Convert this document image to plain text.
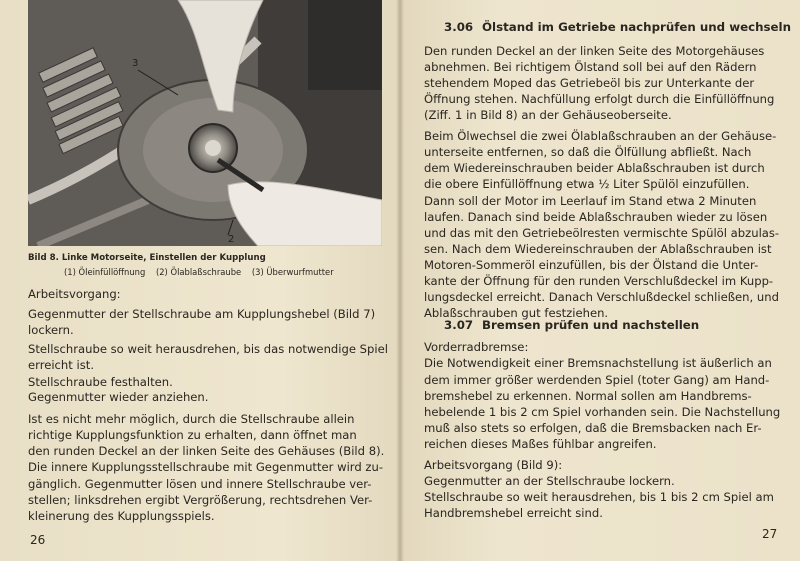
3
2
Bild 8. Linke Motorseite, Einstellen der Kupplung
(1) Öleinfüllöffnung (2) Ölablaßschraube (3) Überwurfmutter
Arbeitsvorgang:
Gegenmutter der Stellschraube am Kupplungshebel (Bild 7)
lockern.
Stellschraube so weit herausdrehen, bis das notwendige Spiel
erreicht ist.
Stellschraube festhalten.
Gegenmutter wieder anziehen.
Ist es nicht mehr möglich, durch die Stellschraube allein
richtige Kupplungsfunktion zu erhalten, dann öffnet man
den runden Deckel an der linken Seite des Gehäuses (Bild 8).
Die innere Kupplungsstellschraube mit Gegenmutter wird zu-
gänglich. Gegenmutter lösen und innere Stellschraube ver-
stellen; linksdrehen ergibt Vergrößerung, rechtsdrehen Ver-
kleinerung des Kupplungsspiels.
26
3.06 Ölstand im Getriebe nachprüfen und wechseln
Den runden Deckel an der linken Seite des Motorgehäuses
abnehmen. Bei richtigem Ölstand soll bei auf den Rädern
stehendem Moped das Getriebeöl bis zur Unterkante der
Öffnung stehen. Nachfüllung erfolgt durch die Einfüllöffnung
(Ziff. 1 in Bild 8) an der Gehäuseoberseite.
Beim Ölwechsel die zwei Ölablaßschrauben an der Gehäuse-
unterseite entfernen, so daß die Ölfüllung abfließt. Nach
dem Wiedereinschrauben beider Ablaßschrauben ist durch
die obere Einfüllöffnung etwa ½ Liter Spülöl einzufüllen.
Dann soll der Motor im Leerlauf im Stand etwa 2 Minuten
laufen. Danach sind beide Ablaßschrauben wieder zu lösen
und das mit den Getriebeölresten vermischte Spülöl abzulas-
sen. Nach dem Wiedereinschrauben der Ablaßschrauben ist
Motoren-Sommeröl einzufüllen, bis der Ölstand die Unter-
kante der Öffnung für den runden Verschlußdeckel im Kupp-
lungsdeckel erreicht. Danach Verschlußdeckel schließen, und
Ablaßschrauben gut festziehen.
3.07 Bremsen prüfen und nachstellen
Vorderradbremse:
Die Notwendigkeit einer Bremsnachstellung ist äußerlich an
dem immer größer werdenden Spiel (toter Gang) am Hand-
bremshebel zu erkennen. Normal sollen am Handbrems-
hebelende 1 bis 2 cm Spiel vorhanden sein. Die Nachstellung
muß also stets so erfolgen, daß die Bremsbacken nach Er-
reichen dieses Maßes fühlbar angreifen.
Arbeitsvorgang (Bild 9):
Gegenmutter an der Stellschraube lockern.
Stellschraube so weit herausdrehen, bis 1 bis 2 cm Spiel am
Handbremshebel erreicht sind.
27
